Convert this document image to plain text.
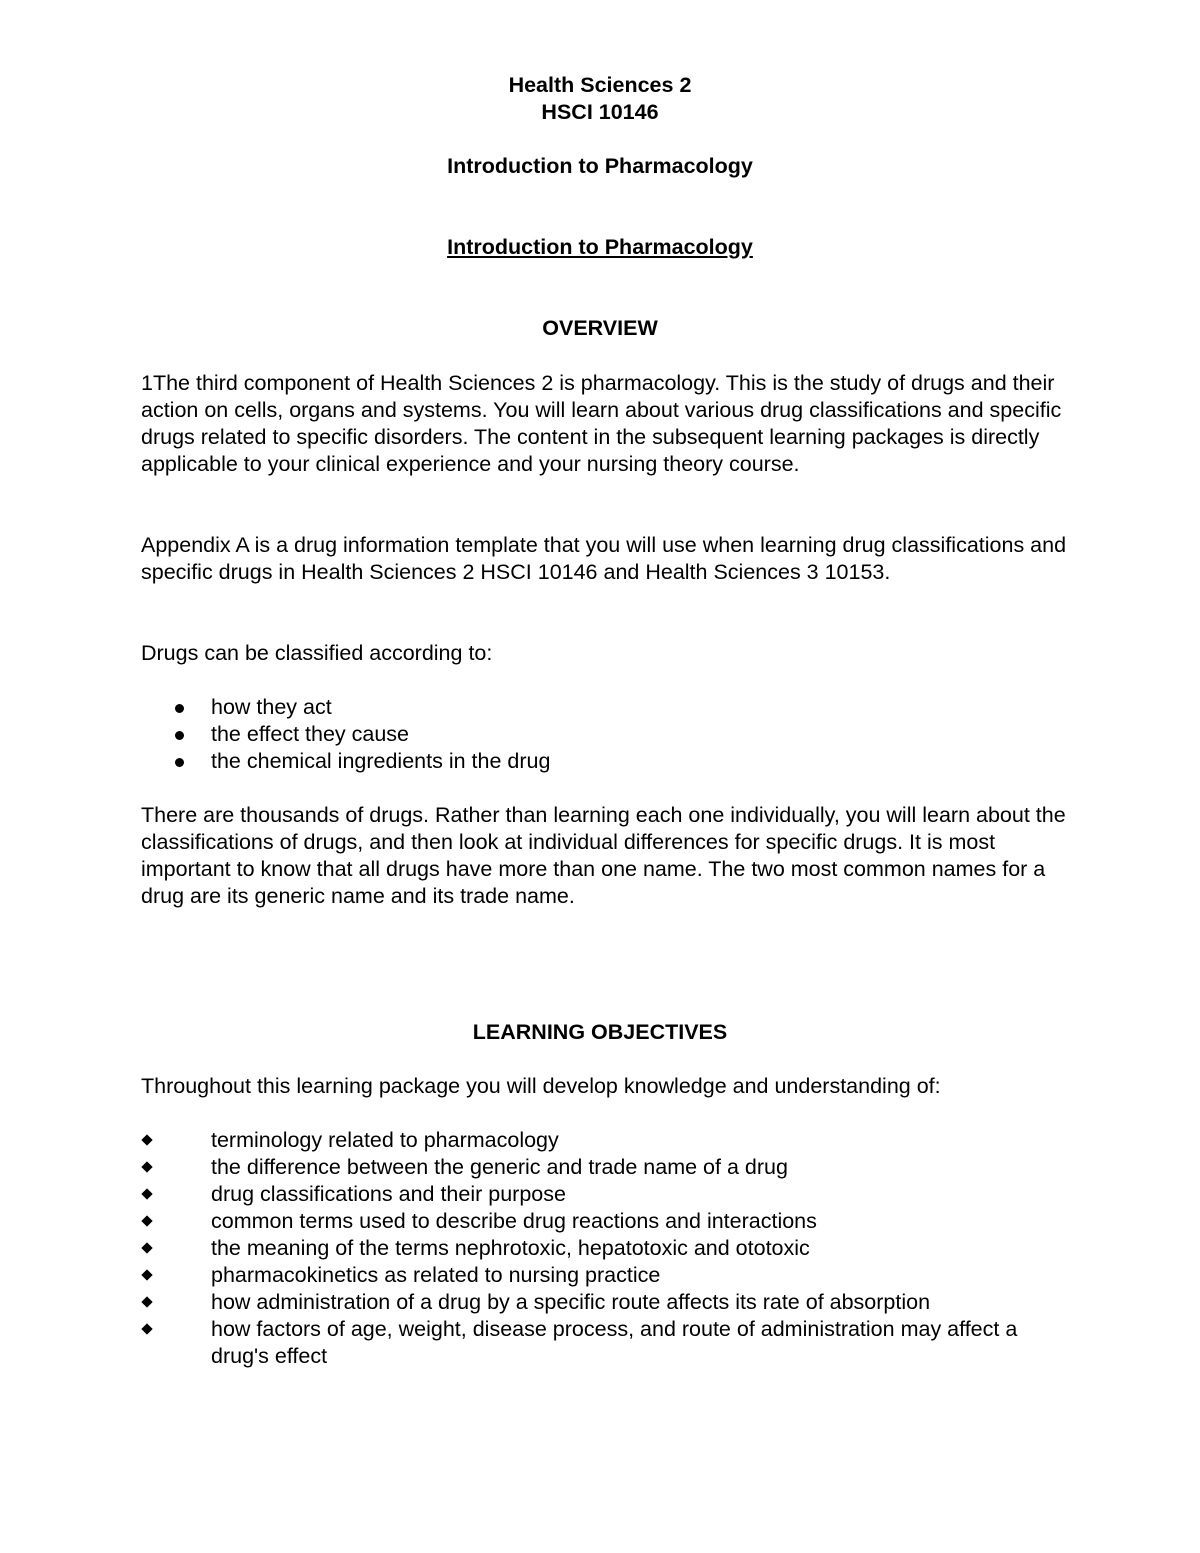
Health Sciences 2
HSCI 10146
Introduction to Pharmacology
Introduction to Pharmacology
OVERVIEW

1The third component of Health Sciences 2 is pharmacology. This is the study of drugs and their action on cells, organs and systems. You will learn about various drug classifications and specific drugs related to specific disorders. The content in the subsequent learning packages is directly applicable to your clinical experience and your nursing theory course.

Appendix A is a drug information template that you will use when learning drug classifications and specific drugs in Health Sciences 2 HSCI 10146 and Health Sciences 3 10153.

Drugs can be classified according to:

how they act
the effect they cause
the chemical ingredients in the drug

There are thousands of drugs. Rather than learning each one individually, you will learn about the classifications of drugs, and then look at individual differences for specific drugs. It is most important to know that all drugs have more than one name. The two most common names for a drug are its generic name and its trade name.

LEARNING OBJECTIVES

Throughout this learning package you will develop knowledge and understanding of:

terminology related to pharmacology
the difference between the generic and trade name of a drug
drug classifications and their purpose
common terms used to describe drug reactions and interactions
the meaning of the terms nephrotoxic, hepatotoxic and ototoxic
pharmacokinetics as related to nursing practice
how administration of a drug by a specific route affects its rate of absorption
how factors of age, weight, disease process, and route of administration may affect a drug's effect
